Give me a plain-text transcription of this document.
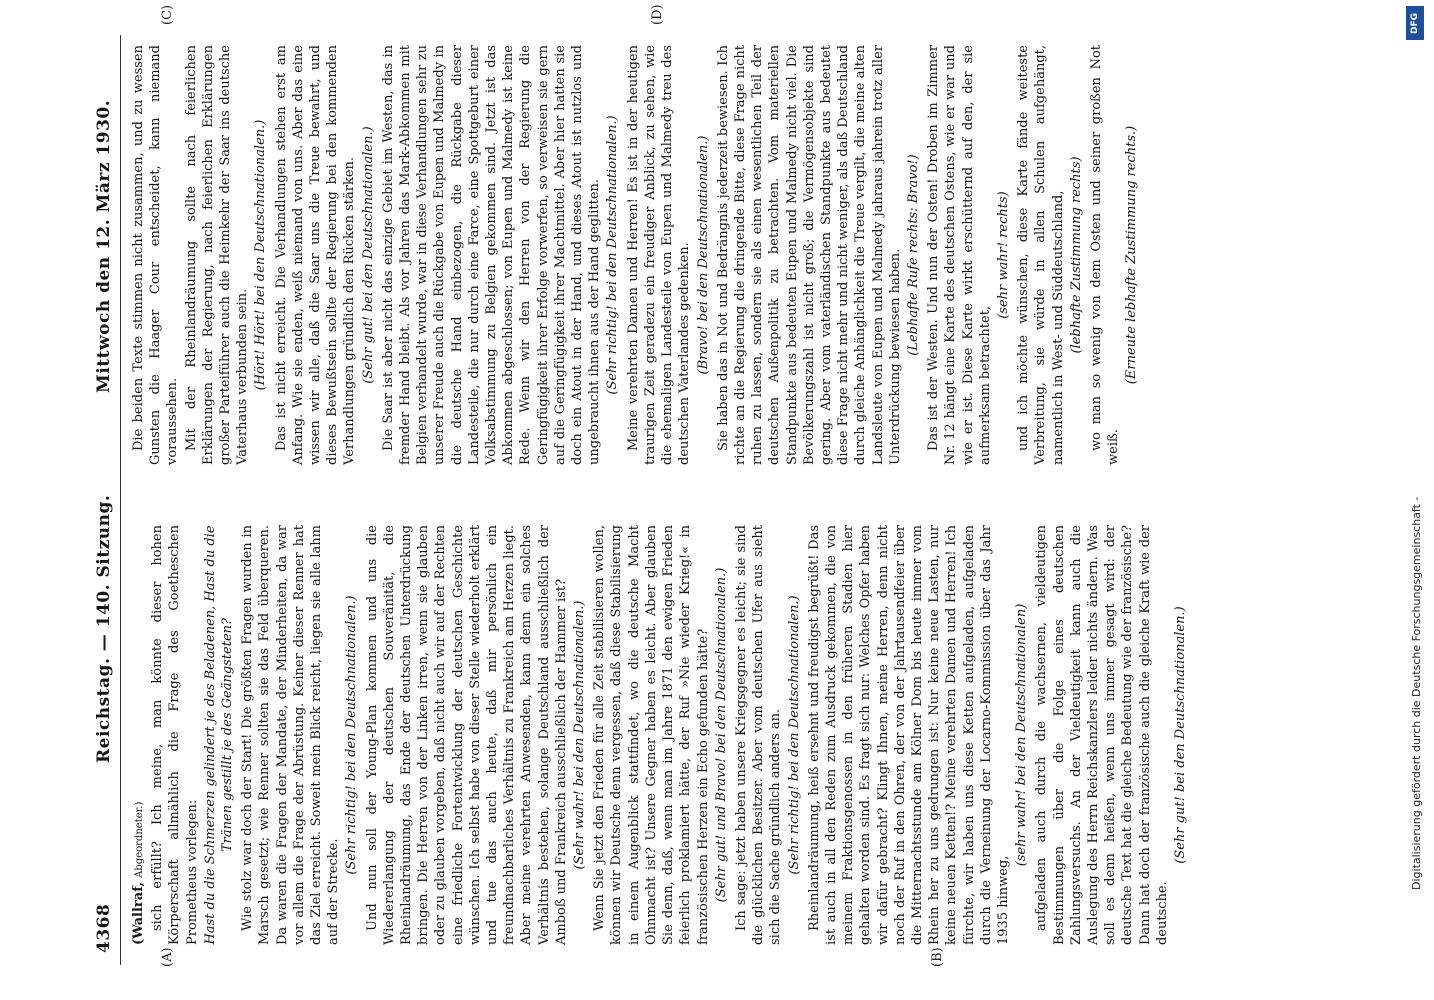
4368
Reichstag. — 140. Sitzung.
Mittwoch den 12. März 1930.
(A)	(B)
(C)	(D)

(Wallraf, Abgeordneter.) sich erfüllt? Ich meine, man könnte dieser hohen Körperschaft allmählich die Frage des Goetheschen Prometheus vorlegen: Hast du die Schmerzen gelindert je des Beladenen, Hast du die Tränen gestillt je des Geängsteten? Wie stolz war doch der Start! Die größten Fragen wurden in Marsch gesetzt; wie Renner sollten sie das Feld überqueren. Da waren die Fragen der Mandate, der Minderheiten, da war vor allem die Frage der Abrüstung. Keiner dieser Renner hat das Ziel erreicht. Soweit mein Blick reicht, liegen sie alle lahm auf der Strecke.

(Sehr richtig! bei den Deutschnationalen.) Und nun soll der Young-Plan kommen und uns die Wiedererlangung der deutschen Souveränität, die Rheinlandräumung, das Ende der deutschen Unterdrückung bringen. Die Herren von der Linken irren, wenn sie glauben oder zu glauben vorgeben, daß nicht auch wir auf der Rechten eine friedliche Fortentwicklung der deutschen Geschichte wünschen. Ich selbst habe von dieser Stelle wiederholt erklärt und tue das auch heute, daß mir persönlich ein freundnachbarliches Verhältnis zu Frankreich am Herzen liegt. Aber meine verehrten Anwesenden, kann denn ein solches Verhältnis bestehen, solange Deutschland ausschließlich der Amboß und Frankreich ausschließlich der Hammer ist? (Sehr wahr! bei den Deutschnationalen.) Wenn Sie jetzt den Frieden für alle Zeit stabilisieren wollen, können wir Deutsche denn vergessen, daß diese Stabilisierung in einem Augenblick stattfindet, wo die deutsche Macht Ohnmacht ist? Unsere Gegner haben es leicht. Aber glauben Sie denn, daß, wenn man im Jahre 1871 den ewigen Frieden feierlich proklamiert hätte, der Ruf »Nie wieder Krieg!« in französischen Herzen ein Echo gefunden hätte? (Sehr gut! und Bravo! bei den Deutschnationalen.) Ich sage: jetzt haben unsere Kriegsgegner es leicht; sie sind die glücklichen Besitzer. Aber vom deutschen Ufer aus sieht sich die Sache gründlich anders an. (Sehr richtig! bei den Deutschnationalen.) Rheinlandräumung, heiß ersehnt und freudigst begrüßt! Das ist auch in all den Reden zum Ausdruck gekommen, die von meinem Fraktionsgenossen in den früheren Stadien hier gehalten worden sind. Es fragt sich nur: Welches Opfer haben wir dafür gebracht? Klingt Ihnen, meine Herren, denn nicht noch der Ruf in den Ohren, der von der Jahrtausendfeier über die Mitternachtsstunde am Kölner Dom bis heute immer vom Rhein her zu uns gedrungen ist: Nur keine neue Lasten, nur keine neuen Ketten!? Meine verehrten Damen und Herren! Ich fürchte, wir haben uns diese Ketten aufgeladen, aufgeladen durch die Verneinung der Locarno-Kommission über das Jahr 1935 hinweg,

(sehr wahr! bei den Deutschnationalen) aufgeladen auch durch die wachsernen, vieldeutigen Bestimmungen über die Folge eines deutschen Zahlungsversuchs. An der Vieldeutigkeit kann auch die Auslegung des Herrn Reichskanzlers leider nichts ändern. Was soll es denn heißen, wenn uns immer gesagt wird: der deutsche Text hat die gleiche Bedeutung wie der französische? Dann hat doch der französische auch die gleiche Kraft wie der deutsche.

(Sehr gut! bei den Deutschnationalen.)

Die beiden Texte stimmen nicht zusammen, und zu wessen Gunsten die Haager Cour entscheidet, kann niemand voraussehen. Mit der Rheinlandräumung sollte nach feierlichen Erklärungen der Regierung, nach feierlichen Erklärungen großer Parteiführer auch die Heimkehr der Saar ins deutsche Vaterhaus verbunden sein. (Hört! Hört! bei den Deutschnationalen.) Das ist nicht erreicht. Die Verhandlungen stehen erst am Anfang. Wie sie enden, weiß niemand von uns. Aber das eine wissen wir alle, daß die Saar uns die Treue bewahrt, und dieses Bewußtsein sollte der Regierung bei den kommenden Verhandlungen gründlich den Rücken stärken. (Sehr gut! bei den Deutschnationalen.) Die Saar ist aber nicht das einzige Gebiet im Westen, das in fremder Hand bleibt. Als vor Jahren das Mark-Abkommen mit Belgien verhandelt wurde, war in diese Verhandlungen sehr zu unserer Freude auch die Rückgabe von Eupen und Malmedy in die deutsche Hand einbezogen, die Rückgabe dieser Landesteile, die nur durch eine Farce, eine Spottgeburt einer Volksabstimmung zu Belgien gekommen sind. Jetzt ist das Abkommen abgeschlossen; von Eupen und Malmedy ist keine Rede. Wenn wir den Herren von der Regierung die Geringfügigkeit ihrer Erfolge vorwerfen, so verweisen sie gern auf die Geringfügigkeit ihrer Machtmittel. Aber hier hatten sie doch ein Atout in der Hand, und dieses Atout ist nutzlos und ungebraucht ihnen aus der Hand geglitten. (Sehr richtig! bei den Deutschnationalen.) Meine verehrten Damen und Herren! Es ist in der heutigen traurigen Zeit geradezu ein freudiger Anblick, zu sehen, wie die ehemaligen Landesteile von Eupen und Malmedy treu des deutschen Vaterlandes gedenken. (Bravo! bei den Deutschnationalen.) Sie haben das in Not und Bedrängnis jederzeit bewiesen. Ich richte an die Regierung die dringende Bitte, diese Frage nicht ruhen zu lassen, sondern sie als einen wesentlichen Teil der deutschen Außenpolitik zu betrachten. Vom materiellen Standpunkte aus bedeuten Eupen und Malmedy nicht viel. Die Bevölkerungszahl ist nicht groß; die Vermögensobjekte sind gering. Aber vom vaterländischen Standpunkte aus bedeutet diese Frage nicht mehr und nicht weniger, als daß Deutschland durch gleiche Anhänglichkeit die Treue vergilt, die meine alten Landsleute von Eupen und Malmedy jahraus jahrein trotz aller Unterdrückung bewiesen haben. (Lebhafte Rufe rechts: Bravo!) Das ist der Westen. Und nun der Osten! Droben im Zimmer Nr. 12 hängt eine Karte des deutschen Ostens, wie er war und wie er ist. Diese Karte wirkt erschütternd auf den, der sie aufmerksam betrachtet,

(sehr wahr! rechts) und ich möchte wünschen, diese Karte fände weiteste Verbreitung, sie würde in allen Schulen aufgehängt, namentlich in West- und Süddeutschland, (lebhafte Zustimmung rechts) wo man so wenig von dem Osten und seiner großen Not weiß.

(Erneute lebhafte Zustimmung rechts.)

DFG
Digitalisierung gefördert durch die Deutsche Forschungsgemeinschaft -
